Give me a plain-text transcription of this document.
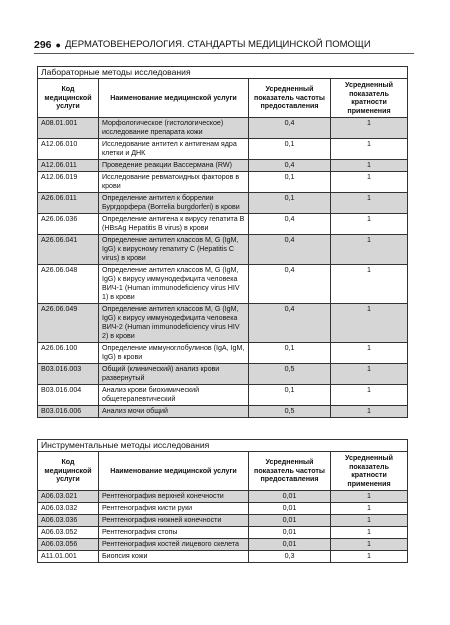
296 ● ДЕРМАТОВЕНЕРОЛОГИЯ. СТАНДАРТЫ МЕДИЦИНСКОЙ ПОМОЩИ
Лабораторные методы исследования			
Код медицинской услуги	Наименование медицинской услуги	Усредненный показатель частоты предоставления	Усредненный показатель кратности применения
A08.01.001	Морфологическое (гистологическое) исследование препарата кожи	0,4	1
A12.06.010	Исследование антител к антигенам ядра клетки и ДНК	0,1	1
A12.06.011	Проведение реакции Вассермана (RW)	0,4	1
A12.06.019	Исследование ревматоидных факторов в крови	0,1	1
A26.06.011	Определение антител к боррелии Бургдорфера (Borrelia burgdorferi) в крови	0,1	1
A26.06.036	Определение антигена к вирусу гепатита B (HBsAg Hepatitis B virus) в крови	0,4	1
A26.06.041	Определение антител классов M, G (IgM, IgG) к вирусному гепатиту C (Hepatitis C virus) в крови	0,4	1
A26.06.048	Определение антител классов M, G (IgM, IgG) к вирусу иммунодефицита человека ВИЧ-1 (Human immunodeficiency virus HIV 1) в крови	0,4	1
A26.06.049	Определение антител классов M, G (IgM, IgG) к вирусу иммунодефицита человека ВИЧ-2 (Human immunodeficiency virus HIV 2) в крови	0,4	1
A26.06.100	Определение иммуноглобулинов (IgA, IgM, IgG) в крови	0,1	1
B03.016.003	Общий (клинический) анализ крови развернутый	0,5	1
B03.016.004	Анализ крови биохимический общетерапевтический	0,1	1
B03.016.006	Анализ мочи общий	0,5	1
Инструментальные методы исследования			
Код медицинской услуги	Наименование медицинской услуги	Усредненный показатель частоты предоставления	Усредненный показатель кратности применения
A06.03.021	Рентгенография верхней конечности	0,01	1
A06.03.032	Рентгенография кисти руки	0,01	1
A06.03.036	Рентгенография нижней конечности	0,01	1
A06.03.052	Рентгенография стопы	0,01	1
A06.03.056	Рентгенография костей лицевого скелета	0,01	1
A11.01.001	Биопсия кожи	0,3	1
